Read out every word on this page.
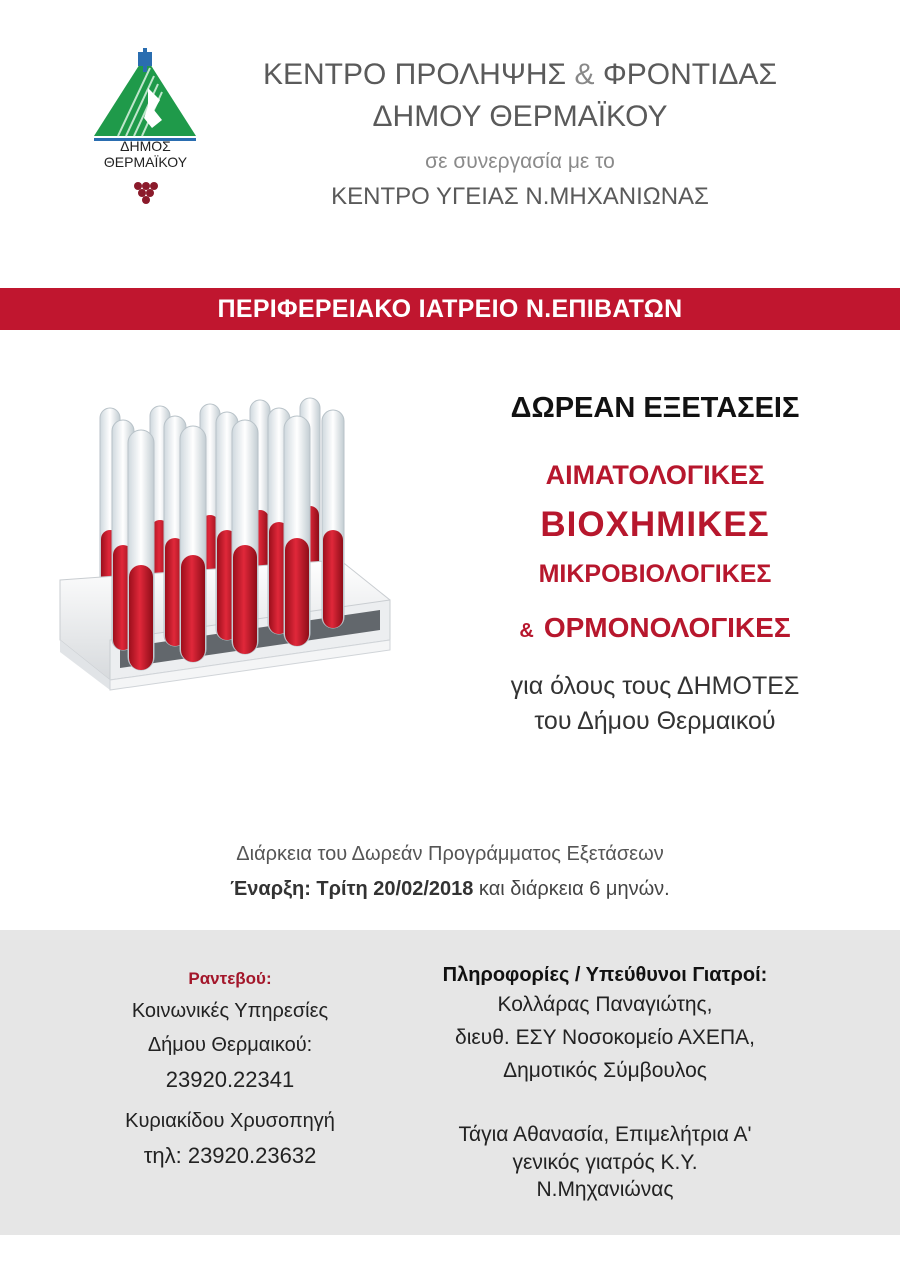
ΔΗΜΟΣ
ΘΕΡΜΑΪΚΟΥ
ΚΕΝΤΡΟ ΠΡΟΛΗΨΗΣ & ΦΡΟΝΤΙΔΑΣ
ΔΗΜΟΥ ΘΕΡΜΑΪΚΟΥ
σε συνεργασία με το
ΚΕΝΤΡΟ ΥΓΕΙΑΣ Ν.ΜΗΧΑΝΙΩΝΑΣ
ΠΕΡΙΦΕΡΕΙΑΚΟ ΙΑΤΡΕΙΟ Ν.ΕΠΙΒΑΤΩΝ
ΔΩΡΕΑΝ ΕΞΕΤΑΣΕΙΣ
ΑΙΜΑΤΟΛΟΓΙΚΕΣ
ΒΙΟΧΗΜΙΚΕΣ
ΜΙΚΡΟΒΙΟΛΟΓΙΚΕΣ
& ΟΡΜΟΝΟΛΟΓΙΚΕΣ
για όλους τους ΔΗΜΟΤΕΣ
του Δήμου Θερμαικού
Διάρκεια του Δωρεάν Προγράμματος Εξετάσεων
Έναρξη: Τρίτη 20/02/2018 και διάρκεια 6 μηνών.
Ραντεβού:
Κοινωνικές Υπηρεσίες
Δήμου Θερμαικού:
23920.22341
Κυριακίδου Χρυσοπηγή
τηλ: 23920.23632
Πληροφορίες / Υπεύθυνοι Γιατροί:
Κολλάρας Παναγιώτης,
διευθ. ΕΣΥ Νοσοκομείο ΑΧΕΠΑ,
Δημοτικός Σύμβουλος
Τάγια Αθανασία, Επιμελήτρια Α'
γενικός γιατρός Κ.Υ.
Ν.Μηχανιώνας
